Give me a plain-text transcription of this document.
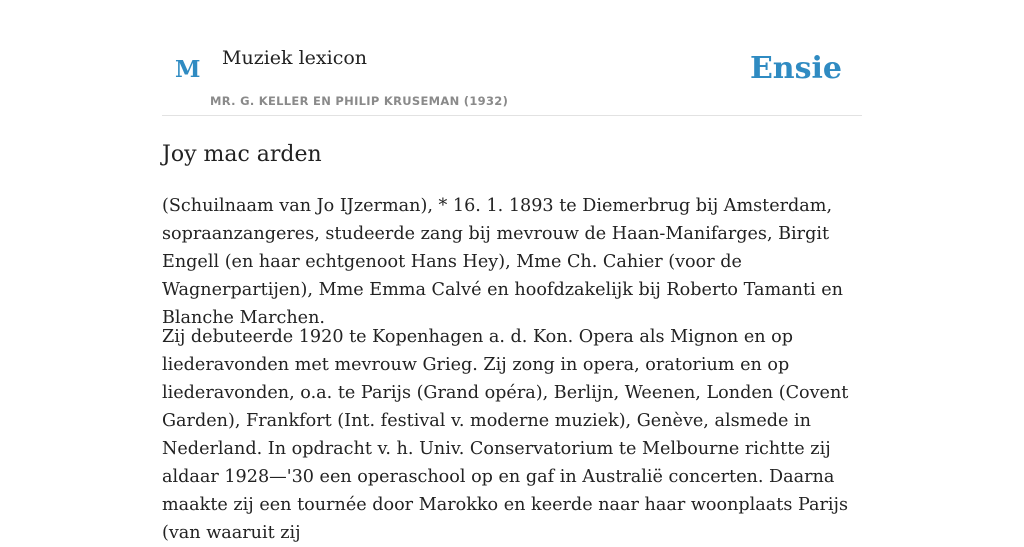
M Muziek lexicon
MR. G. KELLER EN PHILIP KRUSEMAN (1932)
Ensie
Joy mac arden

(Schuilnaam van Jo IJzerman), * 16. 1. 1893 te Diemerbrug bij Amsterdam, sopraanzangeres, studeerde zang bij mevrouw de Haan-Manifarges, Birgit Engell (en haar echtgenoot Hans Hey), Mme Ch. Cahier (voor de Wagnerpartijen), Mme Emma Calvé en hoofdzakelijk bij Roberto Tamanti en Blanche Marchen.

Zij debuteerde 1920 te Kopenhagen a. d. Kon. Opera als Mignon en op liederavonden met mevrouw Grieg. Zij zong in opera, oratorium en op liederavonden, o.a. te Parijs (Grand opéra), Berlijn, Weenen, Londen (Covent Garden), Frankfort (Int. festival v. moderne muziek), Genève, alsmede in Nederland. In opdracht v. h. Univ. Conservatorium te Melbourne richtte zij aldaar 1928—'30 een operaschool op en gaf in Australië concerten. Daarna maakte zij een tournée door Marokko en keerde naar haar woonplaats Parijs (van waaruit zij
